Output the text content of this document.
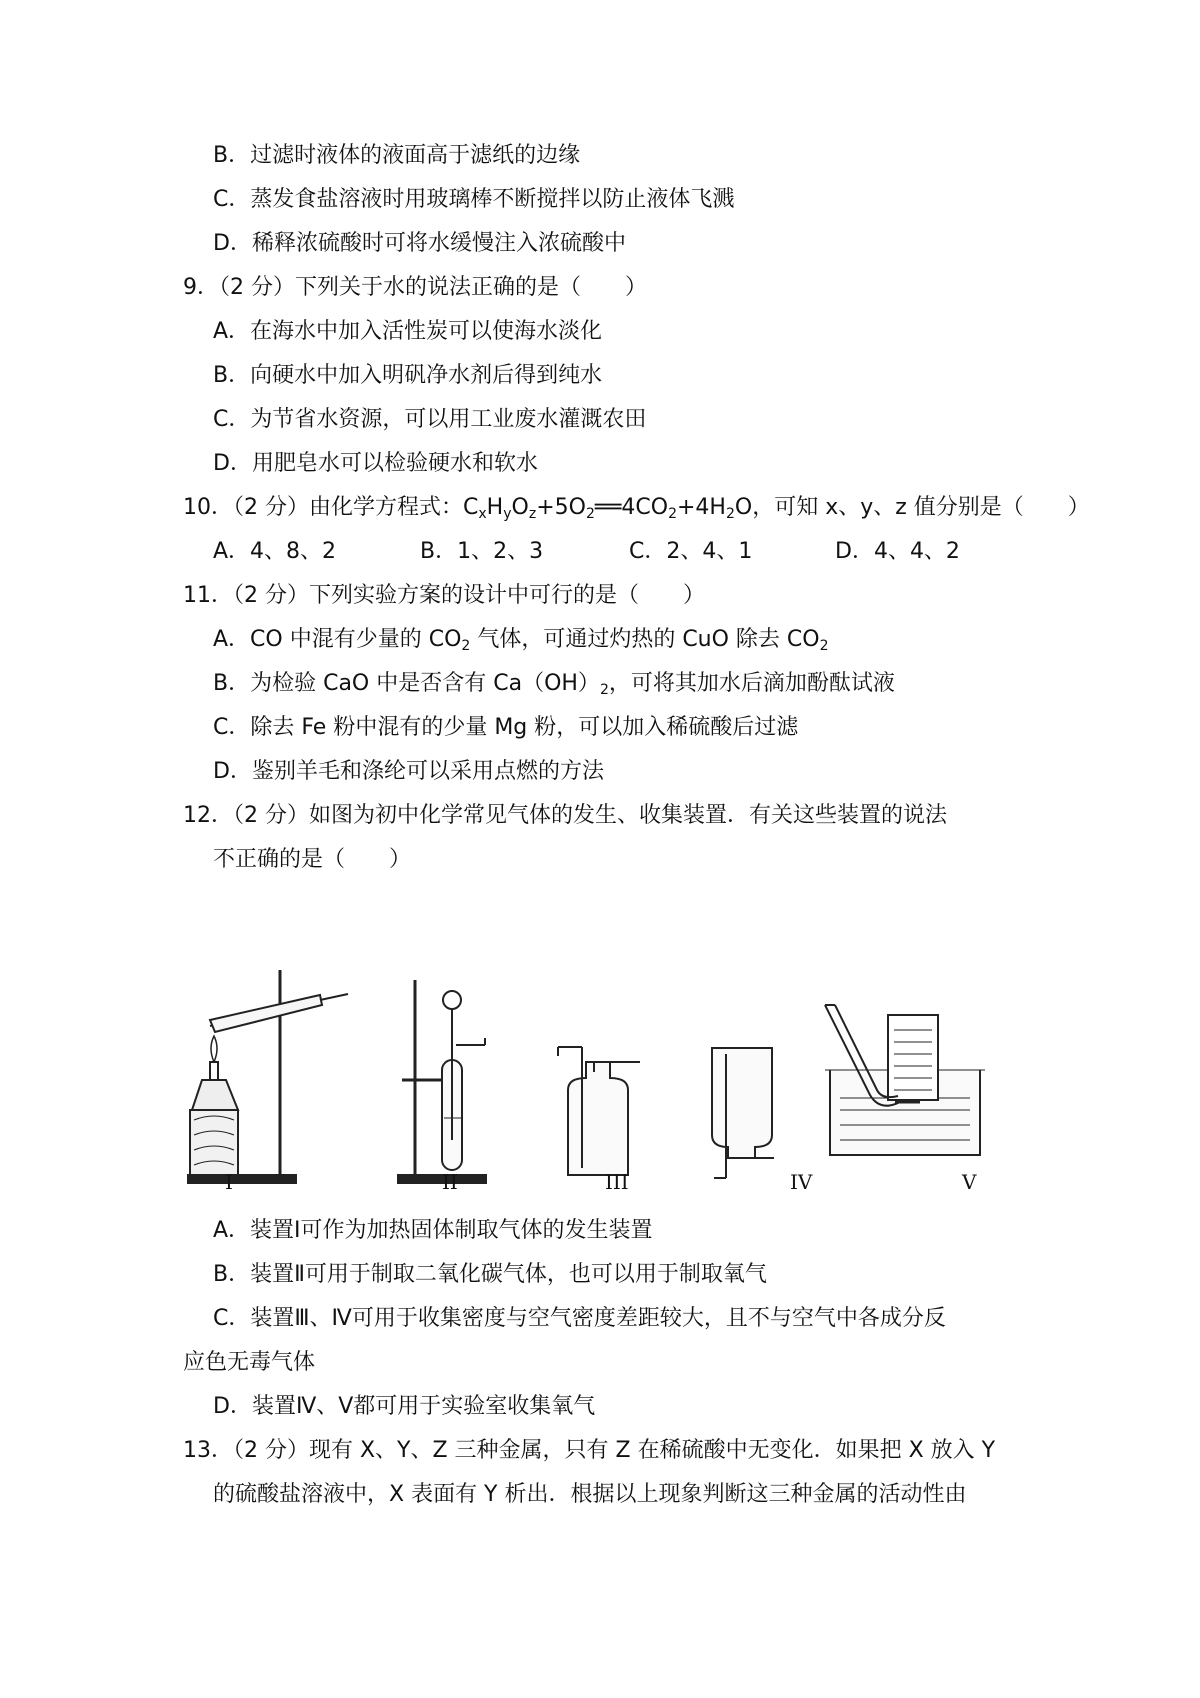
B．过滤时液体的液面高于滤纸的边缘
C．蒸发食盐溶液时用玻璃棒不断搅拌以防止液体飞溅
D．稀释浓硫酸时可将水缓慢注入浓硫酸中
9．（2 分）下列关于水的说法正确的是（　　）
A．在海水中加入活性炭可以使海水淡化
B．向硬水中加入明矾净水剂后得到纯水
C．为节省水资源，可以用工业废水灌溉农田
D．用肥皂水可以检验硬水和软水
10．（2 分）由化学方程式：$C_xH_yO_z+5O_2══4CO_2+4H_2O$，可知 x、y、z 值分别是（　　）
A．4、8、2	B．1、2、3	C．2、4、1	D．4、4、2
11．（2 分）下列实验方案的设计中可行的是（　　）
A．CO 中混有少量的 $CO_2$ 气体，可通过灼热的 CuO 除去 $CO_2$
B．为检验 CaO 中是否含有 $Ca(OH)_2$，可将其加水后滴加酚酞试液
C．除去 Fe 粉中混有的少量 Mg 粉，可以加入稀硫酸后过滤
D．鉴别羊毛和涤纶可以采用点燃的方法
12．（2 分）如图为初中化学常见气体的发生、收集装置．有关这些装置的说法
不正确的是（　　）
I	II	III	IV	V
A．装置Ⅰ可作为加热固体制取气体的发生装置
B．装置Ⅱ可用于制取二氧化碳气体，也可以用于制取氧气
C．装置Ⅲ、Ⅳ可用于收集密度与空气密度差距较大，且不与空气中各成分反
应色无毒气体
D．装置Ⅳ、Ⅴ都可用于实验室收集氧气
13．（2 分）现有 X、Y、Z 三种金属，只有 Z 在稀硫酸中无变化．如果把 X 放入 Y
的硫酸盐溶液中，X 表面有 Y 析出．根据以上现象判断这三种金属的活动性由
